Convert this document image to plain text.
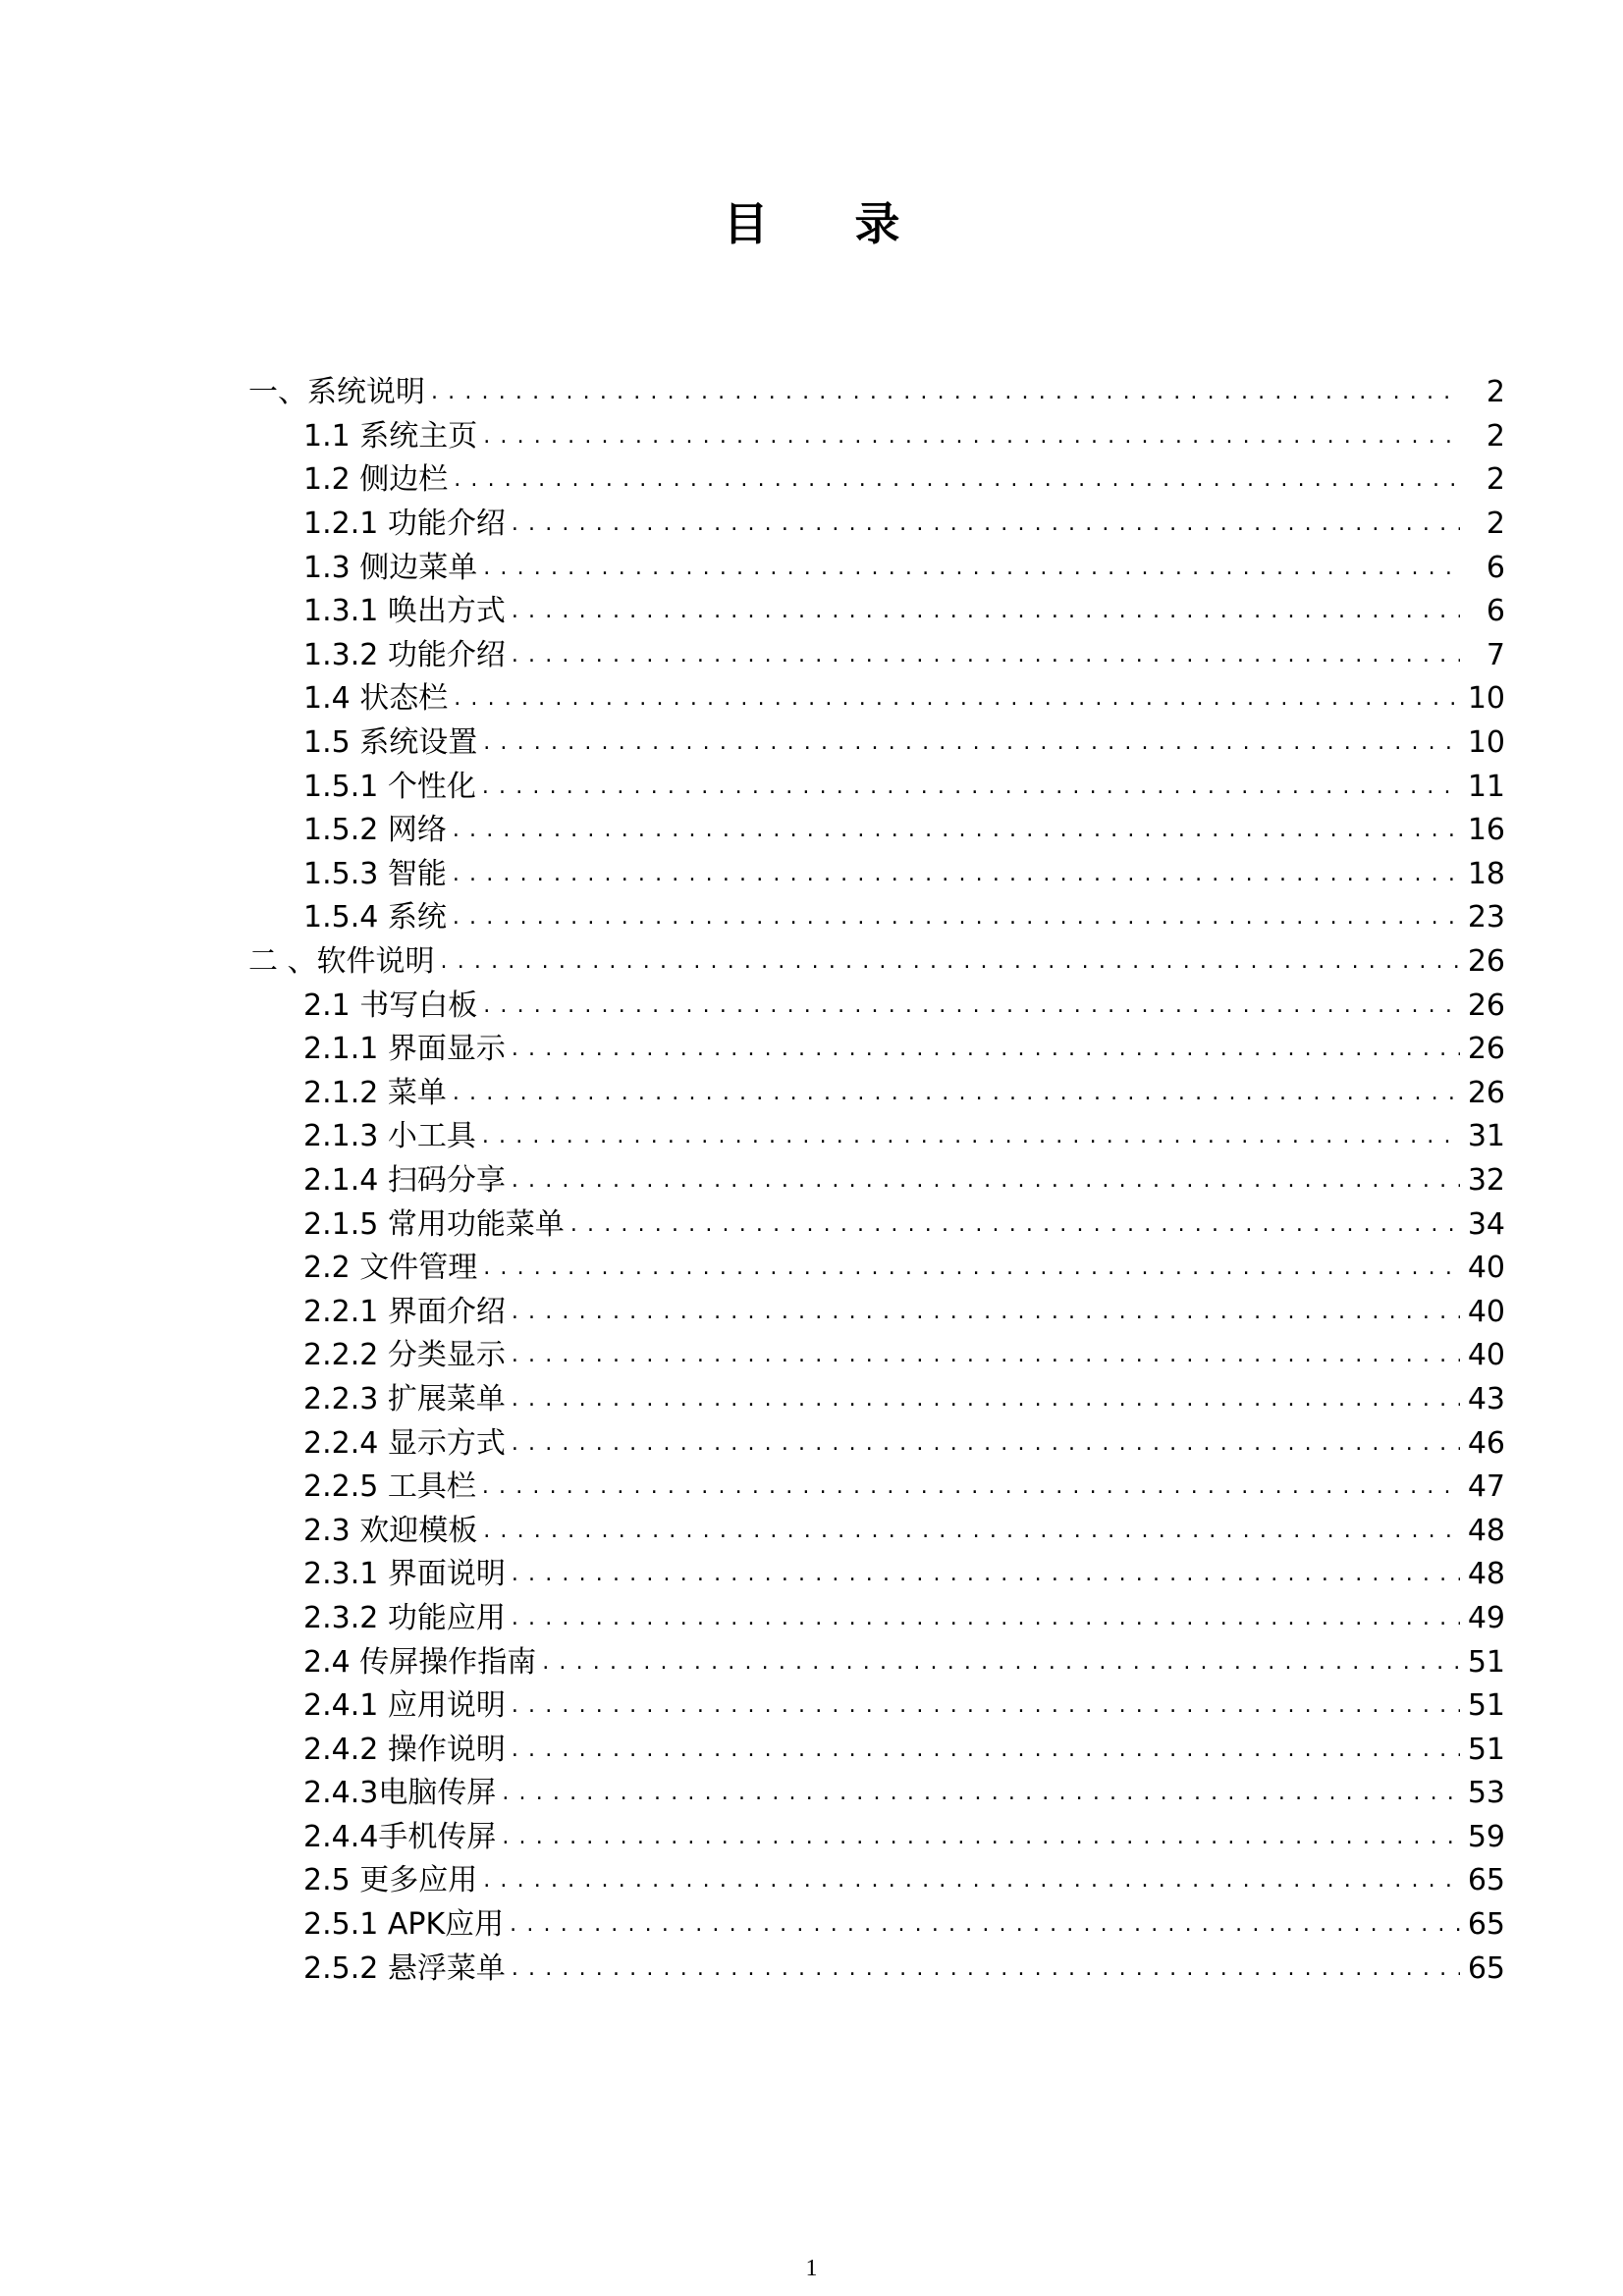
目 录
一、系统说明 . . .	2
1.1 系统主页 . . .	2
1.2 侧边栏 . . .	2
1.2.1 功能介绍 . . .	2
1.3 侧边菜单 . . .	6
1.3.1 唤出方式 . . .	6
1.3.2 功能介绍 . . .	7
1.4 状态栏 . . .	10
1.5 系统设置 . . .	10
1.5.1 个性化 . . .	11
1.5.2 网络 . . .	16
1.5.3 智能 . . .	18
1.5.4 系统 . . .	23
二 、软件说明 . . .	26
2.1 书写白板 . . .	26
2.1.1 界面显示 . . .	26
2.1.2 菜单 . . .	26
2.1.3 小工具 . . .	31
2.1.4 扫码分享 . . .	32
2.1.5 常用功能菜单 . . .	34
2.2 文件管理 . . .	40
2.2.1 界面介绍 . . .	40
2.2.2 分类显示 . . .	40
2.2.3 扩展菜单 . . .	43
2.2.4 显示方式 . . .	46
2.2.5 工具栏 . . .	47
2.3 欢迎模板 . . .	48
2.3.1 界面说明 . . .	48
2.3.2 功能应用 . . .	49
2.4 传屏操作指南 . . .	51
2.4.1 应用说明 . . .	51
2.4.2 操作说明 . . .	51
2.4.3电脑传屏 . . .	53
2.4.4手机传屏 . . .	59
2.5 更多应用 . . .	65
2.5.1 APK应用 . . .	65
2.5.2 悬浮菜单 . . .	65
1
